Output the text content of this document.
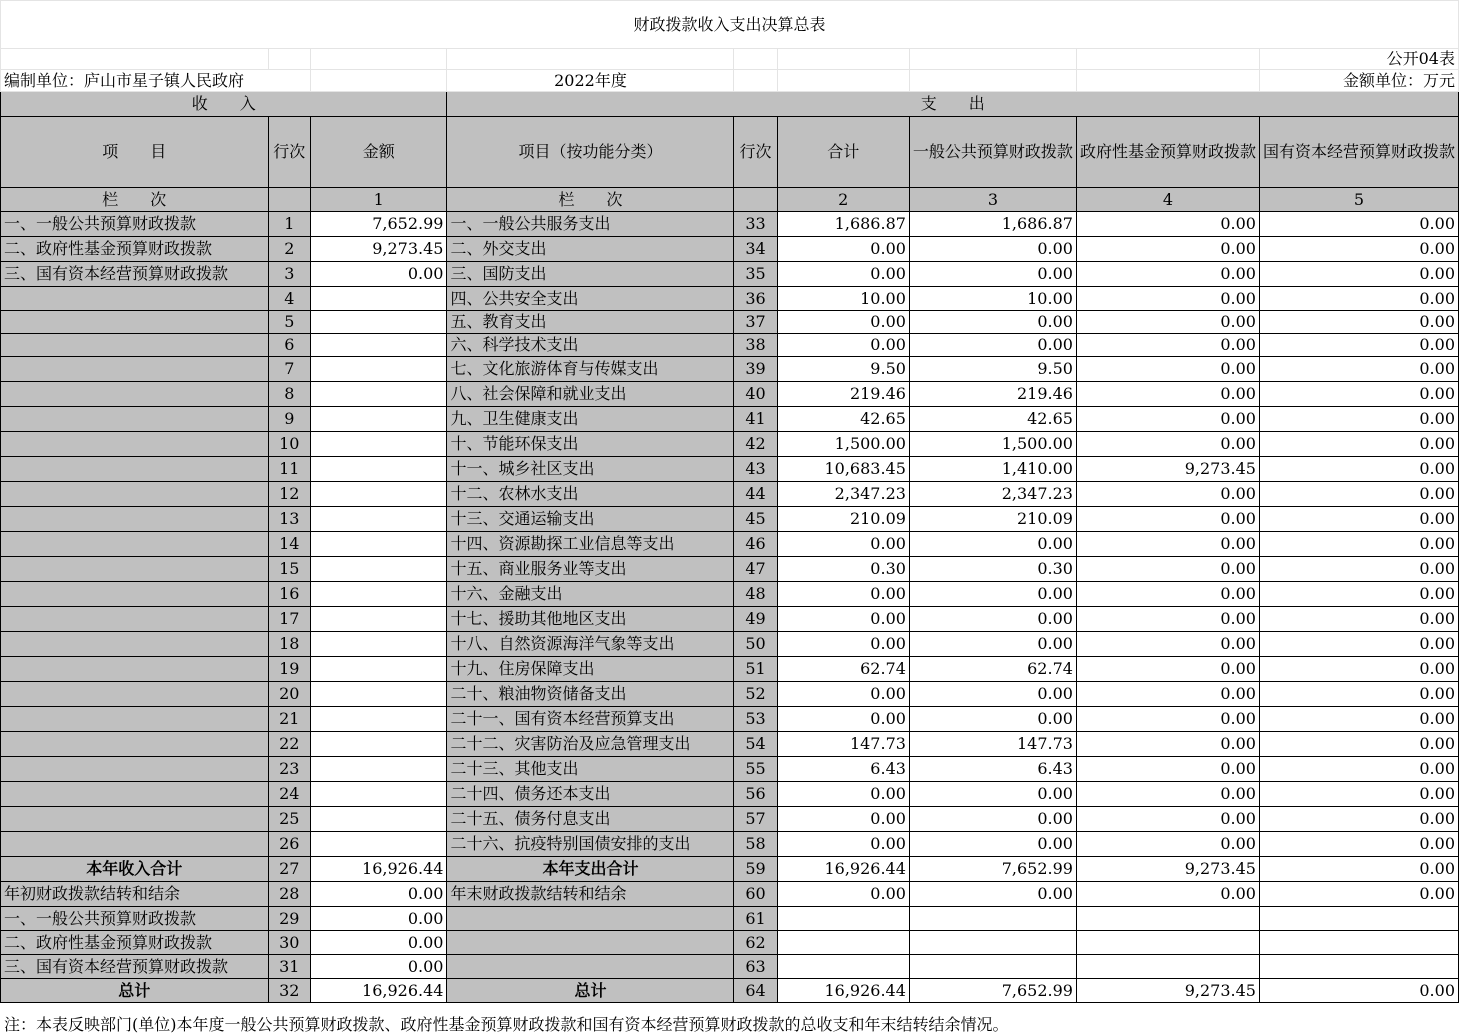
财政拨款收入支出决算总表								
								公开04表
编制单位：庐山市星子镇人民政府			2022年度					金额单位：万元
收　　入			支　　出					
项　　目	行次	金额	项目（按功能分类）	行次	合计	一般公共预算财政拨款	政府性基金预算财政拨款	国有资本经营预算财政拨款
栏　　次		1	栏　　次		2	3	4	5
一、一般公共预算财政拨款	1	7,652.99	一、一般公共服务支出	33	1,686.87	1,686.87	0.00	0.00
二、政府性基金预算财政拨款	2	9,273.45	二、外交支出	34	0.00	0.00	0.00	0.00
三、国有资本经营预算财政拨款	3	0.00	三、国防支出	35	0.00	0.00	0.00	0.00
	4		四、公共安全支出	36	10.00	10.00	0.00	0.00
	5		五、教育支出	37	0.00	0.00	0.00	0.00
	6		六、科学技术支出	38	0.00	0.00	0.00	0.00
	7		七、文化旅游体育与传媒支出	39	9.50	9.50	0.00	0.00
	8		八、社会保障和就业支出	40	219.46	219.46	0.00	0.00
	9		九、卫生健康支出	41	42.65	42.65	0.00	0.00
	10		十、节能环保支出	42	1,500.00	1,500.00	0.00	0.00
	11		十一、城乡社区支出	43	10,683.45	1,410.00	9,273.45	0.00
	12		十二、农林水支出	44	2,347.23	2,347.23	0.00	0.00
	13		十三、交通运输支出	45	210.09	210.09	0.00	0.00
	14		十四、资源勘探工业信息等支出	46	0.00	0.00	0.00	0.00
	15		十五、商业服务业等支出	47	0.30	0.30	0.00	0.00
	16		十六、金融支出	48	0.00	0.00	0.00	0.00
	17		十七、援助其他地区支出	49	0.00	0.00	0.00	0.00
	18		十八、自然资源海洋气象等支出	50	0.00	0.00	0.00	0.00
	19		十九、住房保障支出	51	62.74	62.74	0.00	0.00
	20		二十、粮油物资储备支出	52	0.00	0.00	0.00	0.00
	21		二十一、国有资本经营预算支出	53	0.00	0.00	0.00	0.00
	22		二十二、灾害防治及应急管理支出	54	147.73	147.73	0.00	0.00
	23		二十三、其他支出	55	6.43	6.43	0.00	0.00
	24		二十四、债务还本支出	56	0.00	0.00	0.00	0.00
	25		二十五、债务付息支出	57	0.00	0.00	0.00	0.00
	26		二十六、抗疫特别国债安排的支出	58	0.00	0.00	0.00	0.00
本年收入合计	27	16,926.44	本年支出合计	59	16,926.44	7,652.99	9,273.45	0.00
年初财政拨款结转和结余	28	0.00	年末财政拨款结转和结余	60	0.00	0.00	0.00	0.00
一、一般公共预算财政拨款	29	0.00		61				
二、政府性基金预算财政拨款	30	0.00		62				
三、国有资本经营预算财政拨款	31	0.00		63				
总计	32	16,926.44	总计	64	16,926.44	7,652.99	9,273.45	0.00
注：本表反映部门(单位)本年度一般公共预算财政拨款、政府性基金预算财政拨款和国有资本经营预算财政拨款的总收支和年末结转结余情况。
